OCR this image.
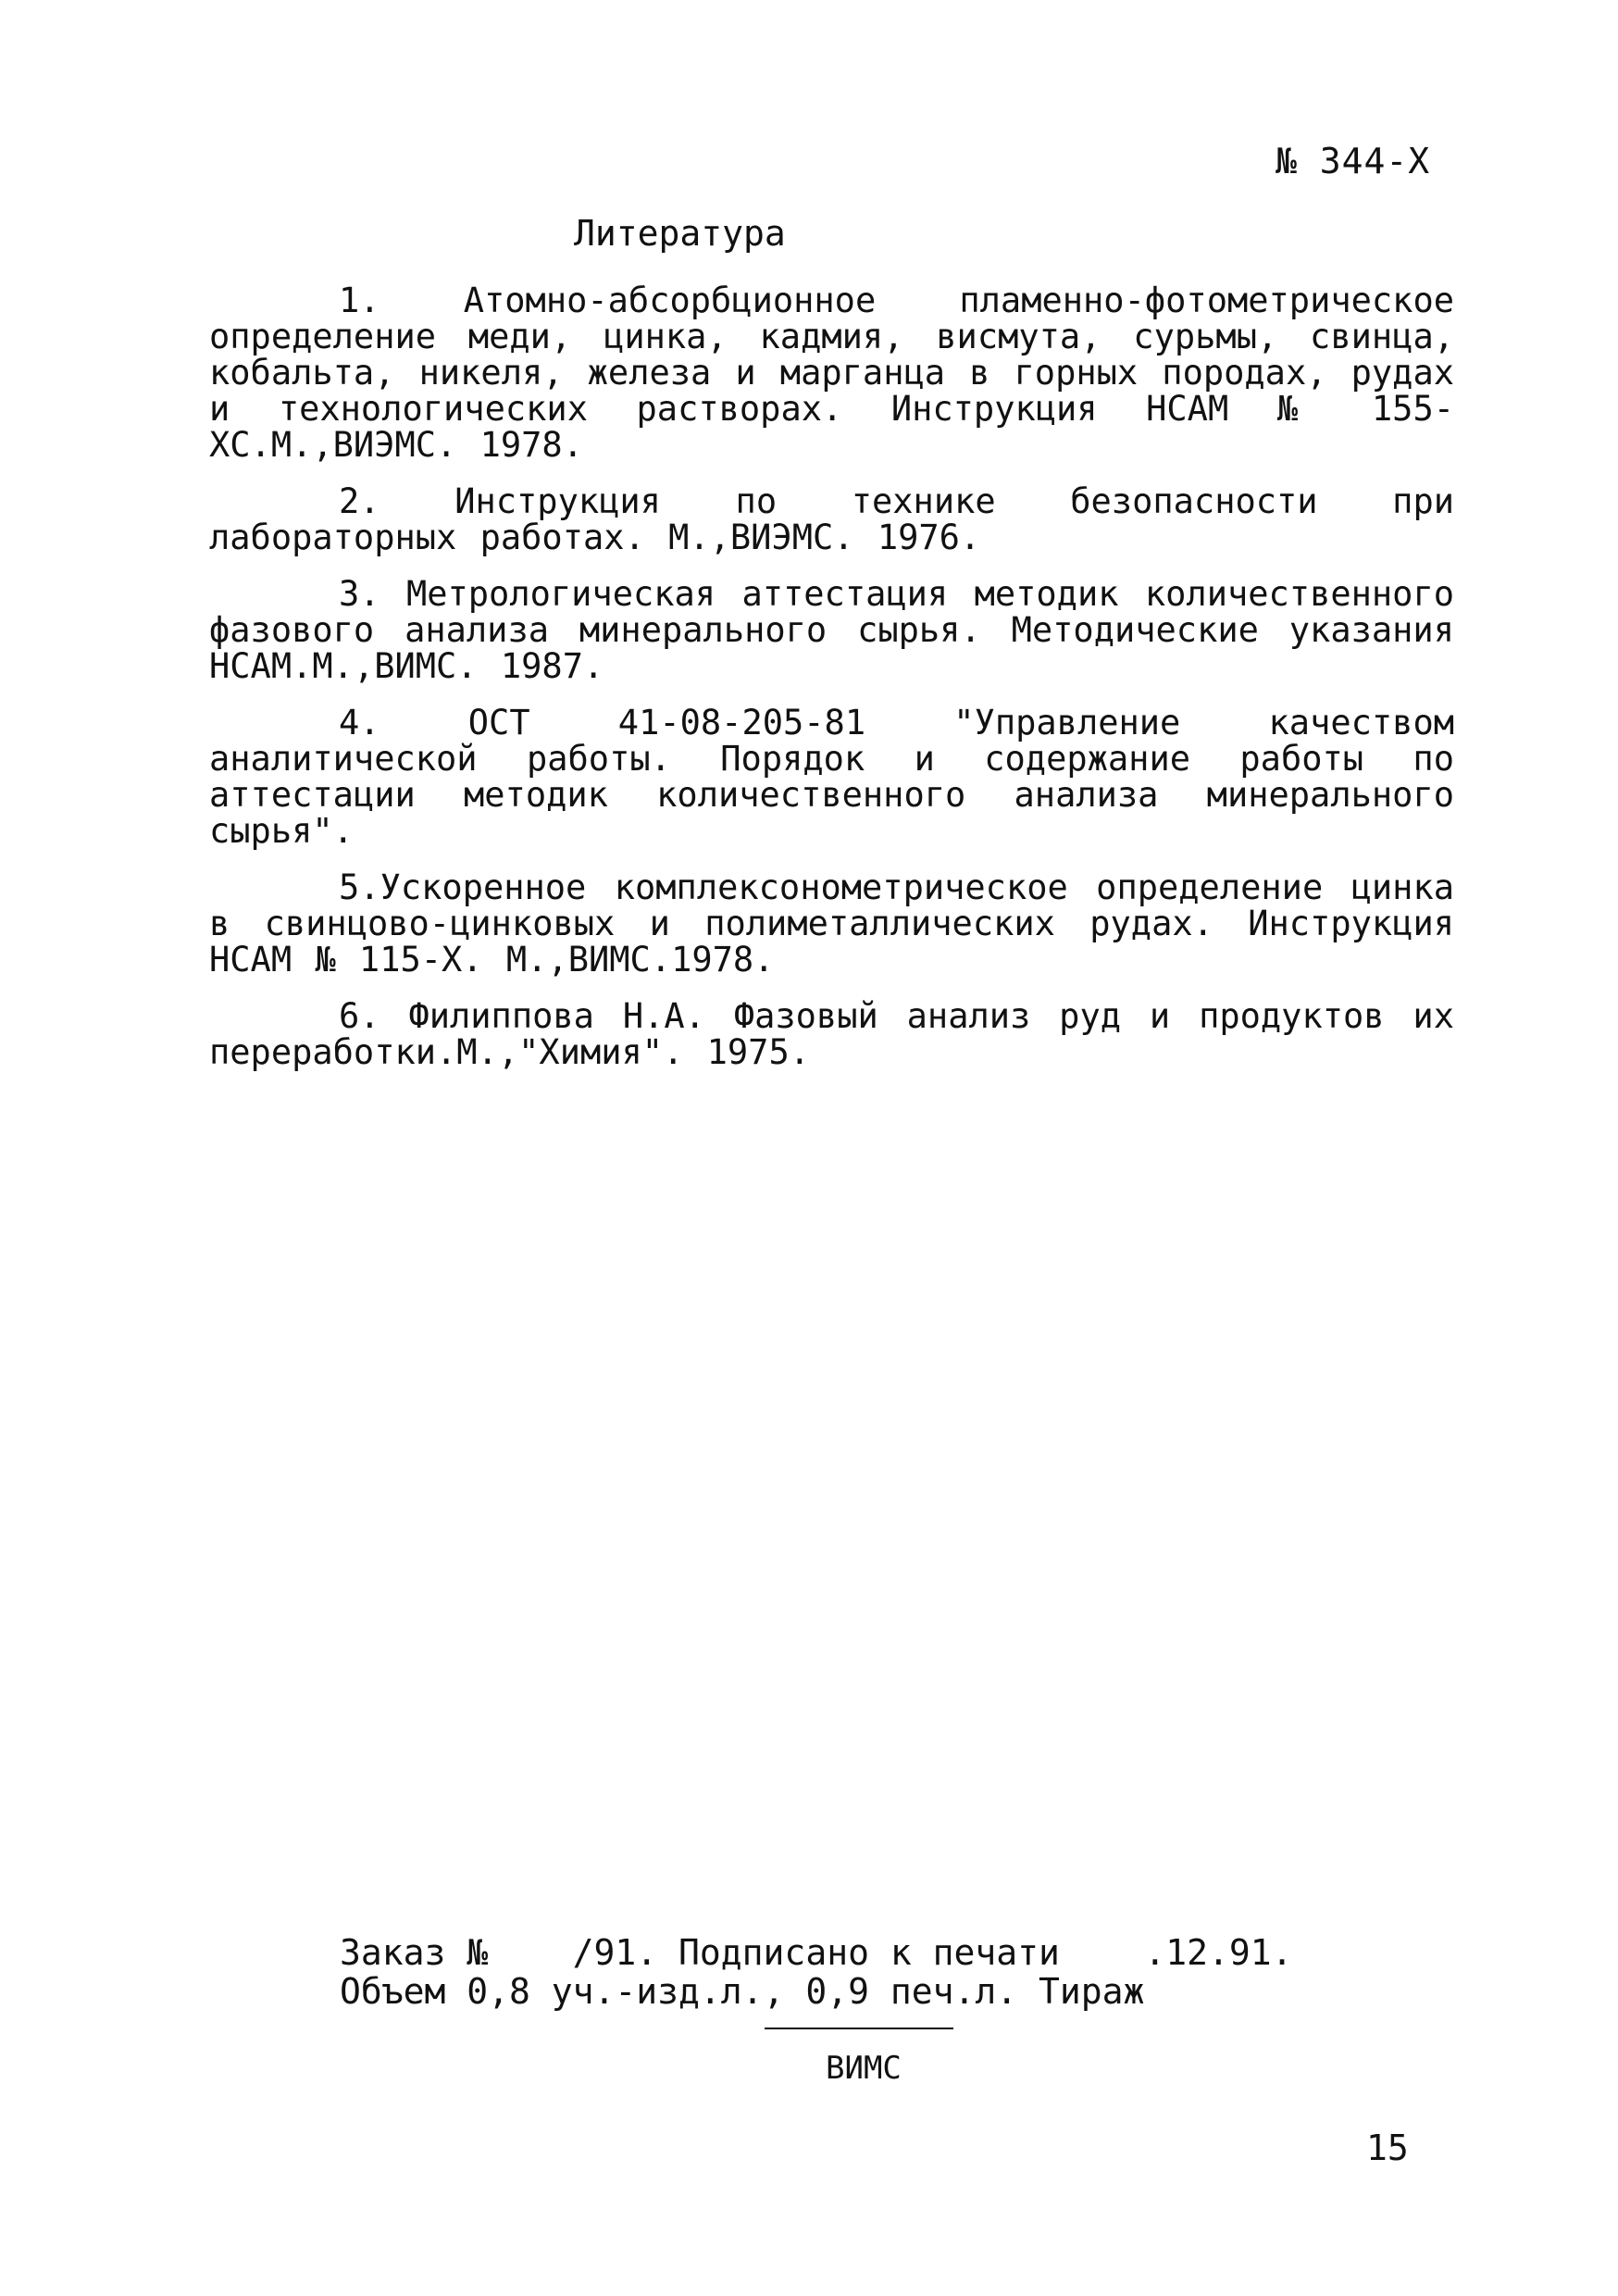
№ 344-Х
Литература

1. Атомно-абсорбционное пламенно-фотометрическое определение меди, цинка, кадмия, висмута, сурьмы, свинца, кобальта, никеля, железа и марганца в горных породах, рудах и технологических растворах. Инструкция НСАМ № 155-ХС.М.,ВИЭМС. 1978.

2. Инструкция по технике безопасности при лабораторных работах. М.,ВИЭМС. 1976.

3. Метрологическая аттестация методик количественного фазового анализа минерального сырья. Методические указания НСАМ.М.,ВИМС. 1987.

4.	ОСТ 41-08-205-81 "Управление качеством аналитической работы. Порядок и содержание работы по аттестации методик количественного анализа минерального сырья".

5.Ускоренное комплексонометрическое определение цинка в свинцово-цинковых и полиметаллических рудах. Инструкция НСАМ № 115-Х. М.,ВИМС.1978.

6. Филиппова Н.А. Фазовый анализ руд и продуктов их переработки.М.,"Химия". 1975.

Заказ №    /91. Подписано к печати    .12.91.
Объем 0,8 уч.-изд.л., 0,9 печ.л. Тираж
ВИМС
15
